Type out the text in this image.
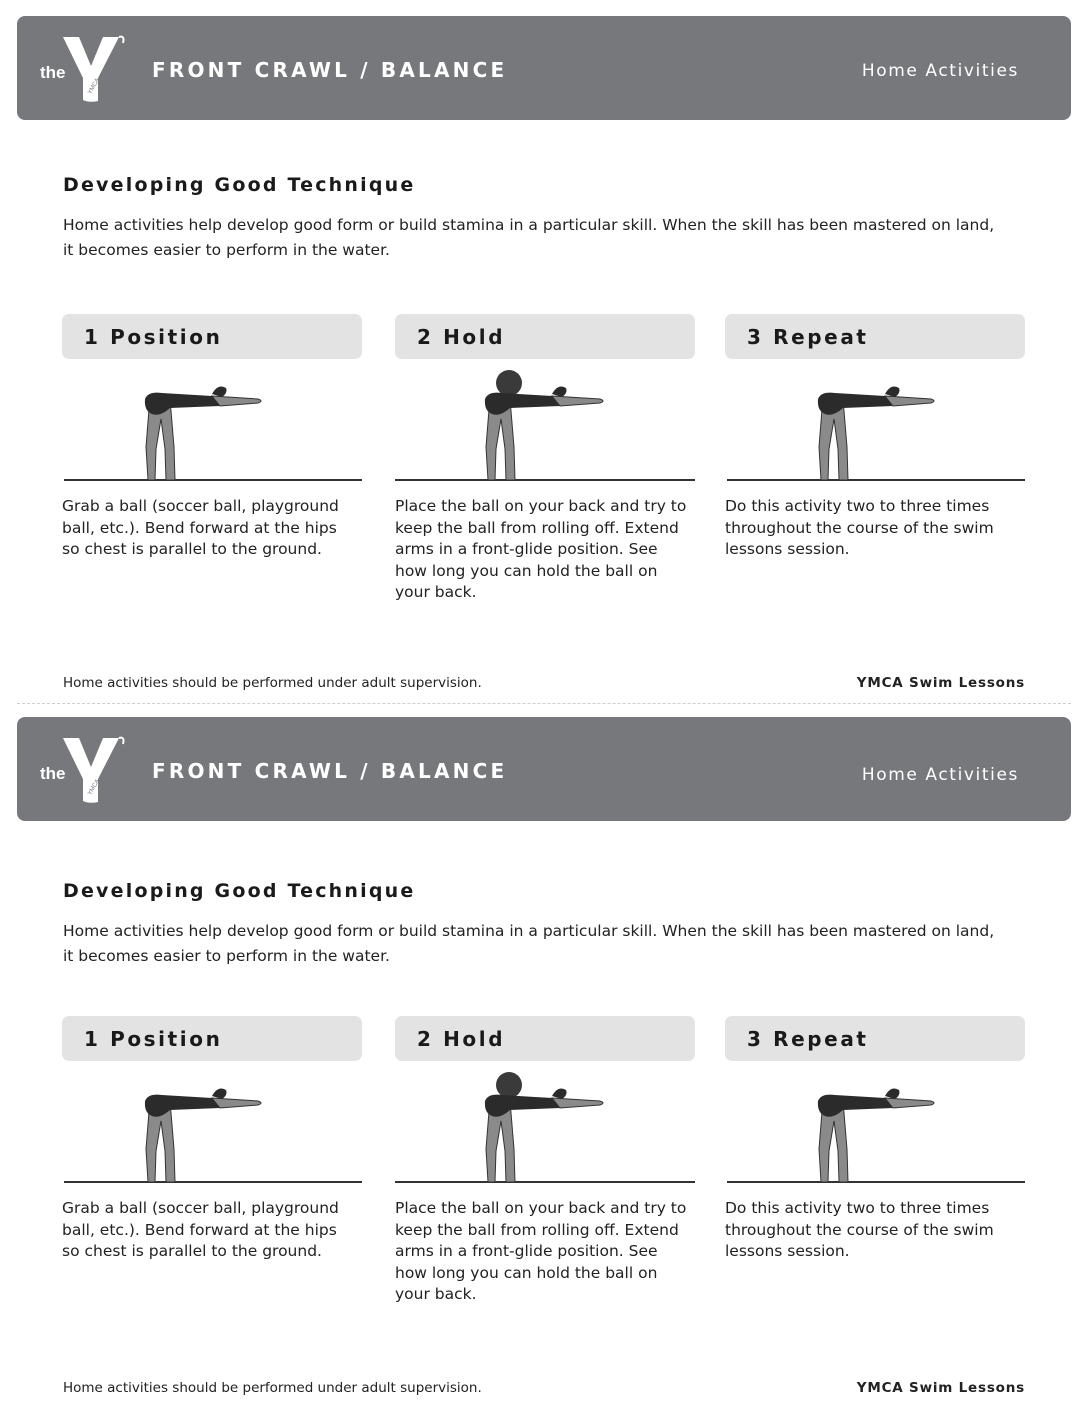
the
YMCA
FRONT CRAWL / BALANCE	Home Activities
Developing Good Technique
Home activities help develop good form or build stamina in a particular skill. When the skill has been mastered on land, it becomes easier to perform in the water.
1 Position
Grab a ball (soccer ball, playground ball, etc.). Bend forward at the hips so chest is parallel to the ground.
2 Hold
Place the ball on your back and try to keep the ball from rolling off. Extend arms in a front-glide position. See how long you can hold the ball on your back.
3 Repeat
Do this activity two to three times throughout the course of the swim lessons session.
Home activities should be performed under adult supervision.	YMCA Swim Lessons
the
YMCA
FRONT CRAWL / BALANCE	Home Activities
Developing Good Technique
Home activities help develop good form or build stamina in a particular skill. When the skill has been mastered on land, it becomes easier to perform in the water.
1 Position
Grab a ball (soccer ball, playground ball, etc.). Bend forward at the hips so chest is parallel to the ground.
2 Hold
Place the ball on your back and try to keep the ball from rolling off. Extend arms in a front-glide position. See how long you can hold the ball on your back.
3 Repeat
Do this activity two to three times throughout the course of the swim lessons session.
Home activities should be performed under adult supervision.	YMCA Swim Lessons
